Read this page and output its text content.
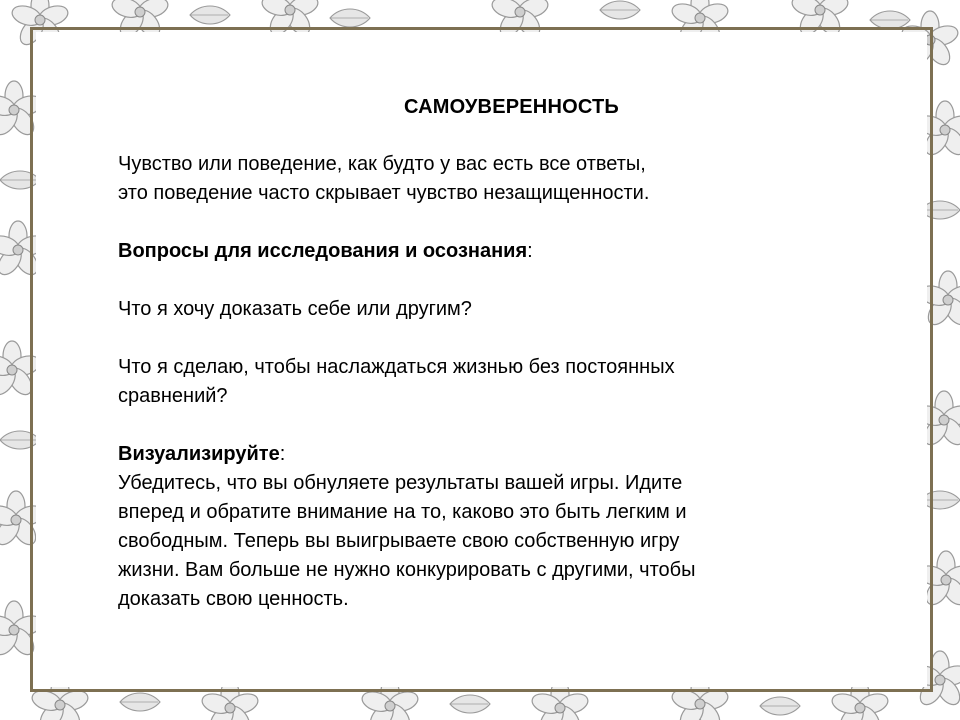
САМОУВЕРЕННОСТЬ
Чувство или поведение, как будто у вас есть все ответы,
это поведение часто скрывает чувство незащищенности.
Вопросы для исследования и осознания:
Что я хочу доказать себе или другим?
Что я сделаю, чтобы наслаждаться жизнью без постоянных
сравнений?
Визуализируйте:
Убедитесь, что вы обнуляете результаты вашей игры. Идите
вперед и обратите внимание на то, каково это быть легким и
свободным. Теперь вы выигрываете свою собственную игру
жизни. Вам больше не нужно конкурировать с другими, чтобы
доказать свою ценность.
